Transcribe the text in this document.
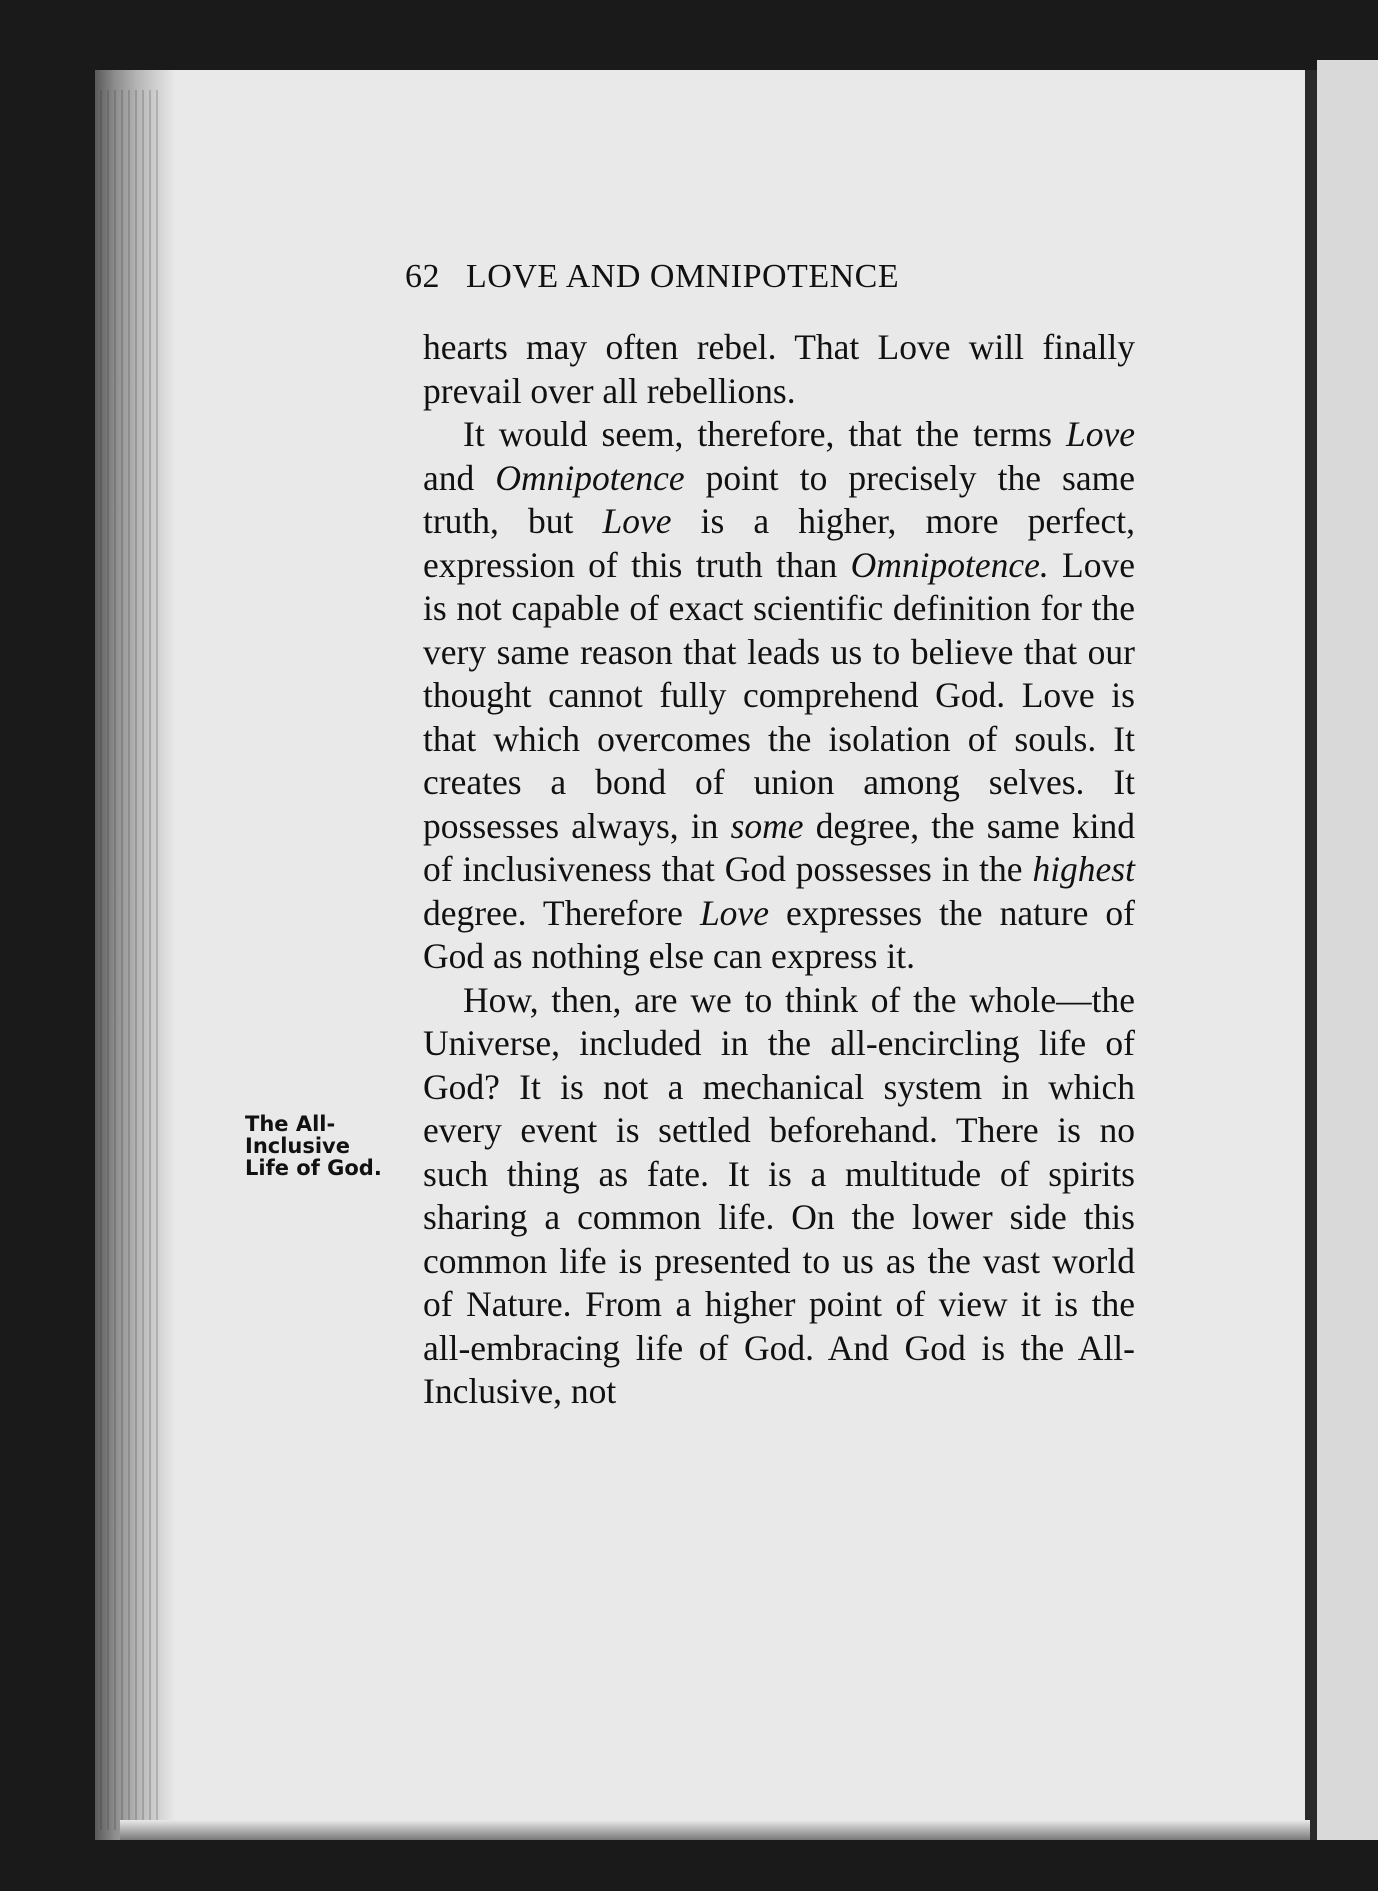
62 LOVE AND OMNIPOTENCE
The All-
Inclusive
Life of God.

hearts may often rebel. That Love will finally prevail over all rebellions.

It would seem, therefore, that the terms Love and Omnipotence point to precisely the same truth, but Love is a higher, more perfect, expression of this truth than Omnipotence. Love is not capable of exact scientific definition for the very same reason that leads us to believe that our thought cannot fully comprehend God. Love is that which overcomes the isolation of souls. It creates a bond of union among selves. It possesses always, in some degree, the same kind of inclusiveness that God possesses in the highest degree. Therefore Love expresses the nature of God as nothing else can express it.

How, then, are we to think of the whole—the Universe, included in the all-encircling life of God? It is not a mechanical system in which every event is settled beforehand. There is no such thing as fate. It is a multitude of spirits sharing a common life. On the lower side this common life is presented to us as the vast world of Nature. From a higher point of view it is the all-embracing life of God. And God is the All-Inclusive, not
